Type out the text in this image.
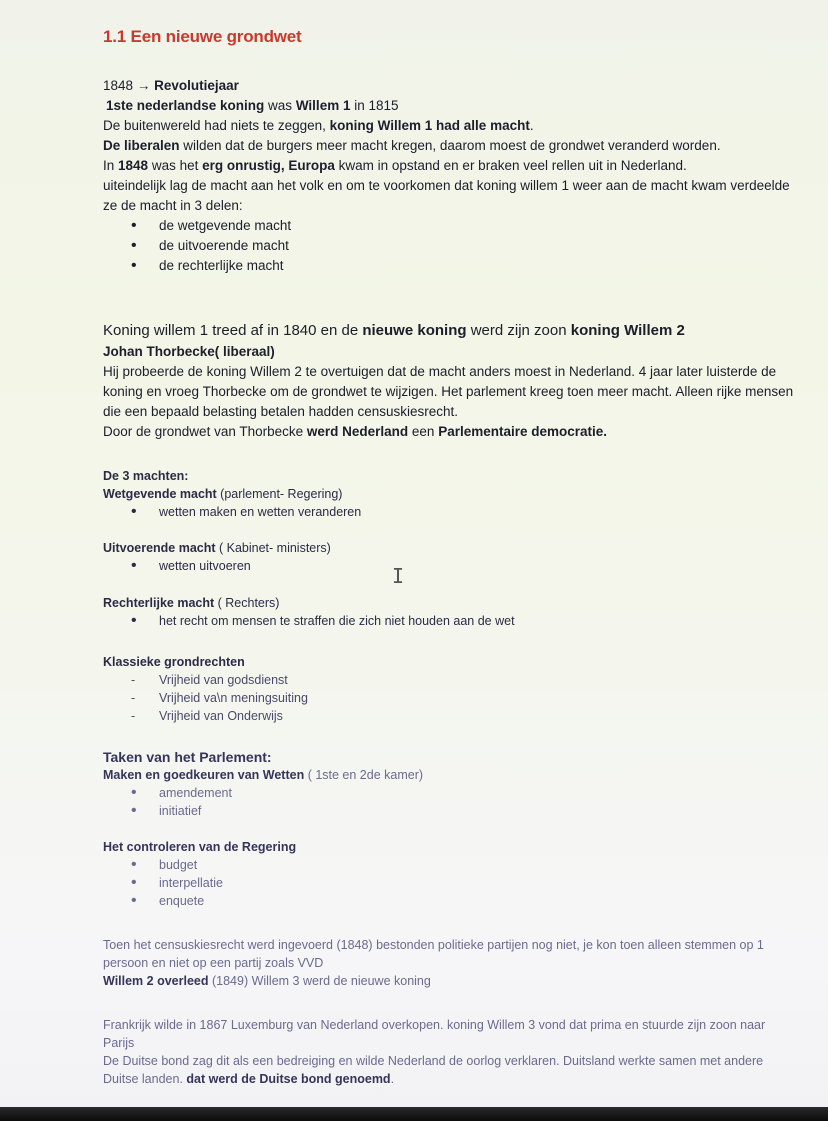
1.1 Een nieuwe grondwet
1848 → Revolutiejaar
1ste nederlandse koning was Willem 1 in 1815
De buitenwereld had niets te zeggen, koning Willem 1 had alle macht.
De liberalen wilden dat de burgers meer macht kregen, daarom moest de grondwet veranderd worden.
In 1848 was het erg onrustig, Europa kwam in opstand en er braken veel rellen uit in Nederland.
uiteindelijk lag de macht aan het volk en om te voorkomen dat koning willem 1 weer aan de macht kwam verdeelde ze de macht in 3 delen:
• de wetgevende macht
• de uitvoerende macht
• de rechterlijke macht
Koning willem 1 treed af in 1840 en de nieuwe koning werd zijn zoon koning Willem 2
Johan Thorbecke( liberaal)
Hij probeerde de koning Willem 2 te overtuigen dat de macht anders moest in Nederland. 4 jaar later luisterde de koning en vroeg Thorbecke om de grondwet te wijzigen. Het parlement kreeg toen meer macht. Alleen rijke mensen die een bepaald belasting betalen hadden censuskiesrecht.
Door de grondwet van Thorbecke werd Nederland een Parlementaire democratie.
De 3 machten:
Wetgevende macht (parlement- Regering)
• wetten maken en wetten veranderen
Uitvoerende macht ( Kabinet- ministers)
• wetten uitvoeren
Rechterlijke macht ( Rechters)
• het recht om mensen te straffen die zich niet houden aan de wet
Klassieke grondrechten
- Vrijheid van godsdienst
- Vrijheid va\n meningsuiting
- Vrijheid van Onderwijs
Taken van het Parlement:
Maken en goedkeuren van Wetten ( 1ste en 2de kamer)
• amendement
• initiatief
Het controleren van de Regering
• budget
• interpellatie
• enquete
Toen het censuskiesrecht werd ingevoerd (1848) bestonden politieke partijen nog niet, je kon toen alleen stemmen op 1 persoon en niet op een partij zoals VVD
Willem 2 overleed (1849) Willem 3 werd de nieuwe koning
Frankrijk wilde in 1867 Luxemburg van Nederland overkopen. koning Willem 3 vond dat prima en stuurde zijn zoon naar Parijs
De Duitse bond zag dit als een bedreiging en wilde Nederland de oorlog verklaren. Duitsland werkte samen met andere Duitse landen. dat werd de Duitse bond genoemd.
I
